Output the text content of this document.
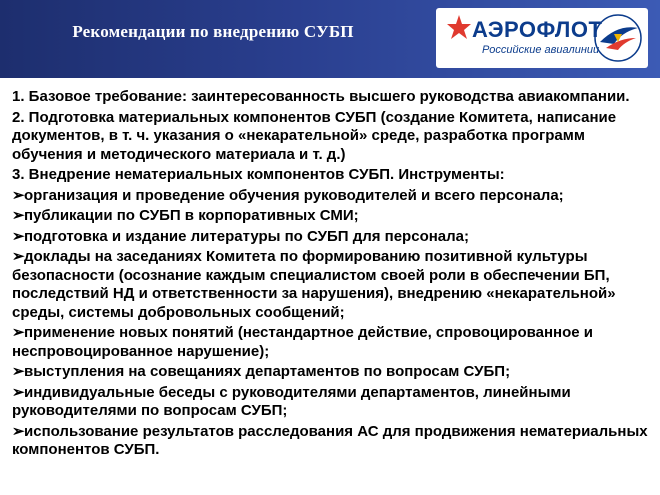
Рекомендации по внедрению СУБП	АЭРОФЛОТ
Российские авиалинии

1. Базовое требование: заинтересованность высшего руководства авиакомпании.

2. Подготовка материальных компонентов СУБП (создание Комитета, написание документов, в т. ч. указания о «некарательной» среде, разработка программ обучения и методического материала и т. д.)

3. Внедрение нематериальных компонентов СУБП. Инструменты:

➢организация и проведение обучения руководителей и всего персонала;

➢публикации по СУБП в корпоративных СМИ;

➢подготовка и издание литературы по СУБП для персонала;

➢доклады на заседаниях Комитета по формированию позитивной культуры безопасности (осознание каждым специалистом своей роли в обеспечении БП, последствий НД и ответственности за нарушения), внедрению «некарательной» среды, системы добровольных сообщений;

➢применение новых понятий (нестандартное действие, спровоцированное и неспровоцированное нарушение);

➢выступления на совещаниях департаментов по вопросам СУБП;

➢индивидуальные беседы с руководителями департаментов, линейными руководителями по вопросам СУБП;

➢использование результатов расследования АС для продвижения нематериальных компонентов СУБП.
